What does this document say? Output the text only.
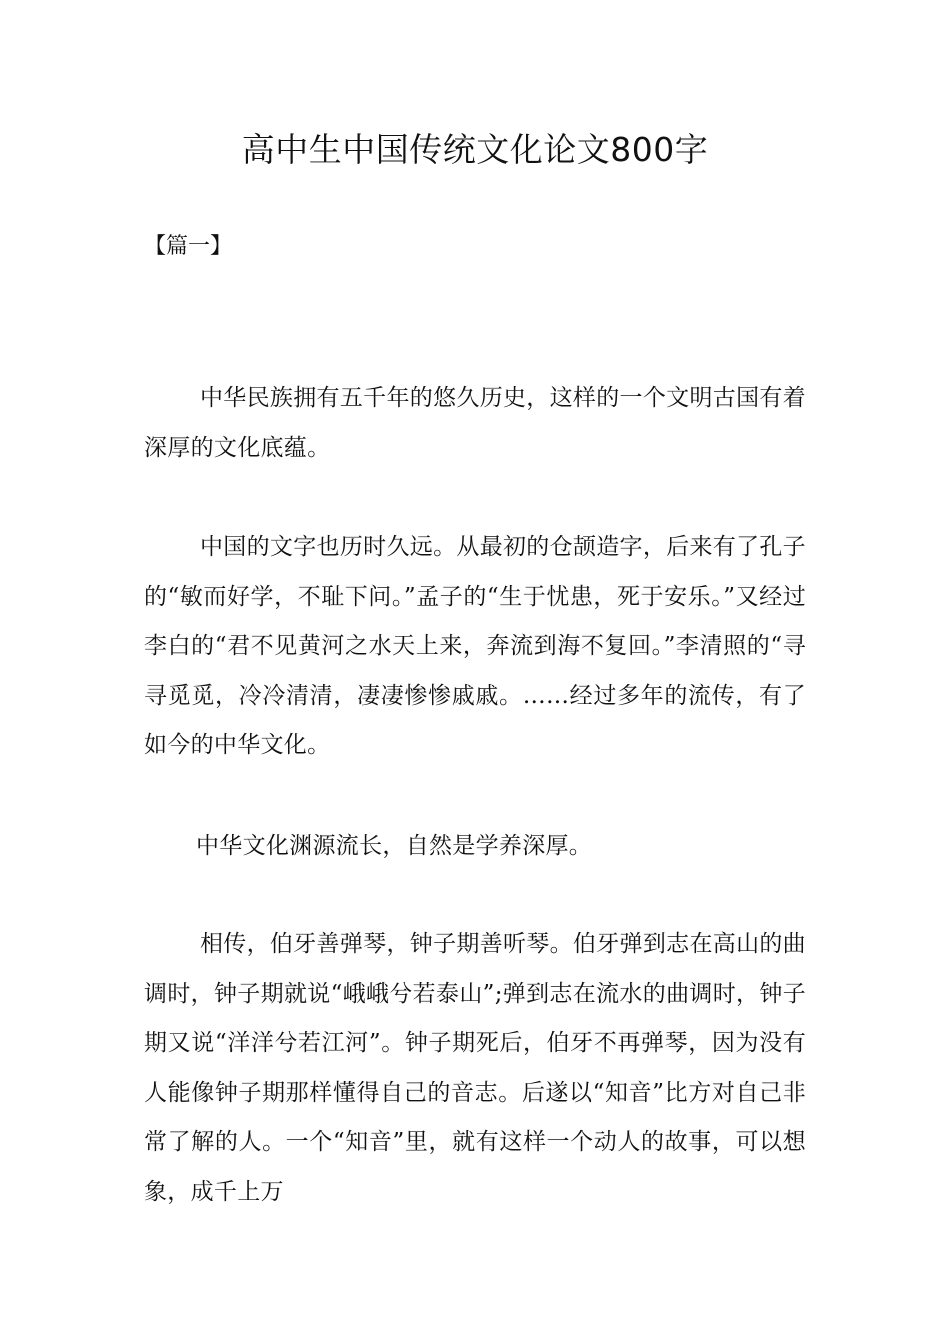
高中生中国传统文化论文800字
【篇一】

中华民族拥有五千年的悠久历史，这样的一个文明古国有着深厚的文化底蕴。

中国的文字也历时久远。从最初的仓颉造字，后来有了孔子的“敏而好学，不耻下问。”孟子的“生于忧患，死于安乐。”又经过李白的“君不见黄河之水天上来，奔流到海不复回。”李清照的“寻寻觅觅，冷冷清清，凄凄惨惨戚戚。……经过多年的流传，有了如今的中华文化。

中华文化渊源流长，自然是学养深厚。

相传，伯牙善弹琴，钟子期善听琴。伯牙弹到志在高山的曲调时，钟子期就说“峨峨兮若泰山”;弹到志在流水的曲调时，钟子期又说“洋洋兮若江河”。钟子期死后，伯牙不再弹琴，因为没有人能像钟子期那样懂得自己的音志。后遂以“知音”比方对自己非常了解的人。一个“知音”里，就有这样一个动人的故事，可以想象，成千上万
